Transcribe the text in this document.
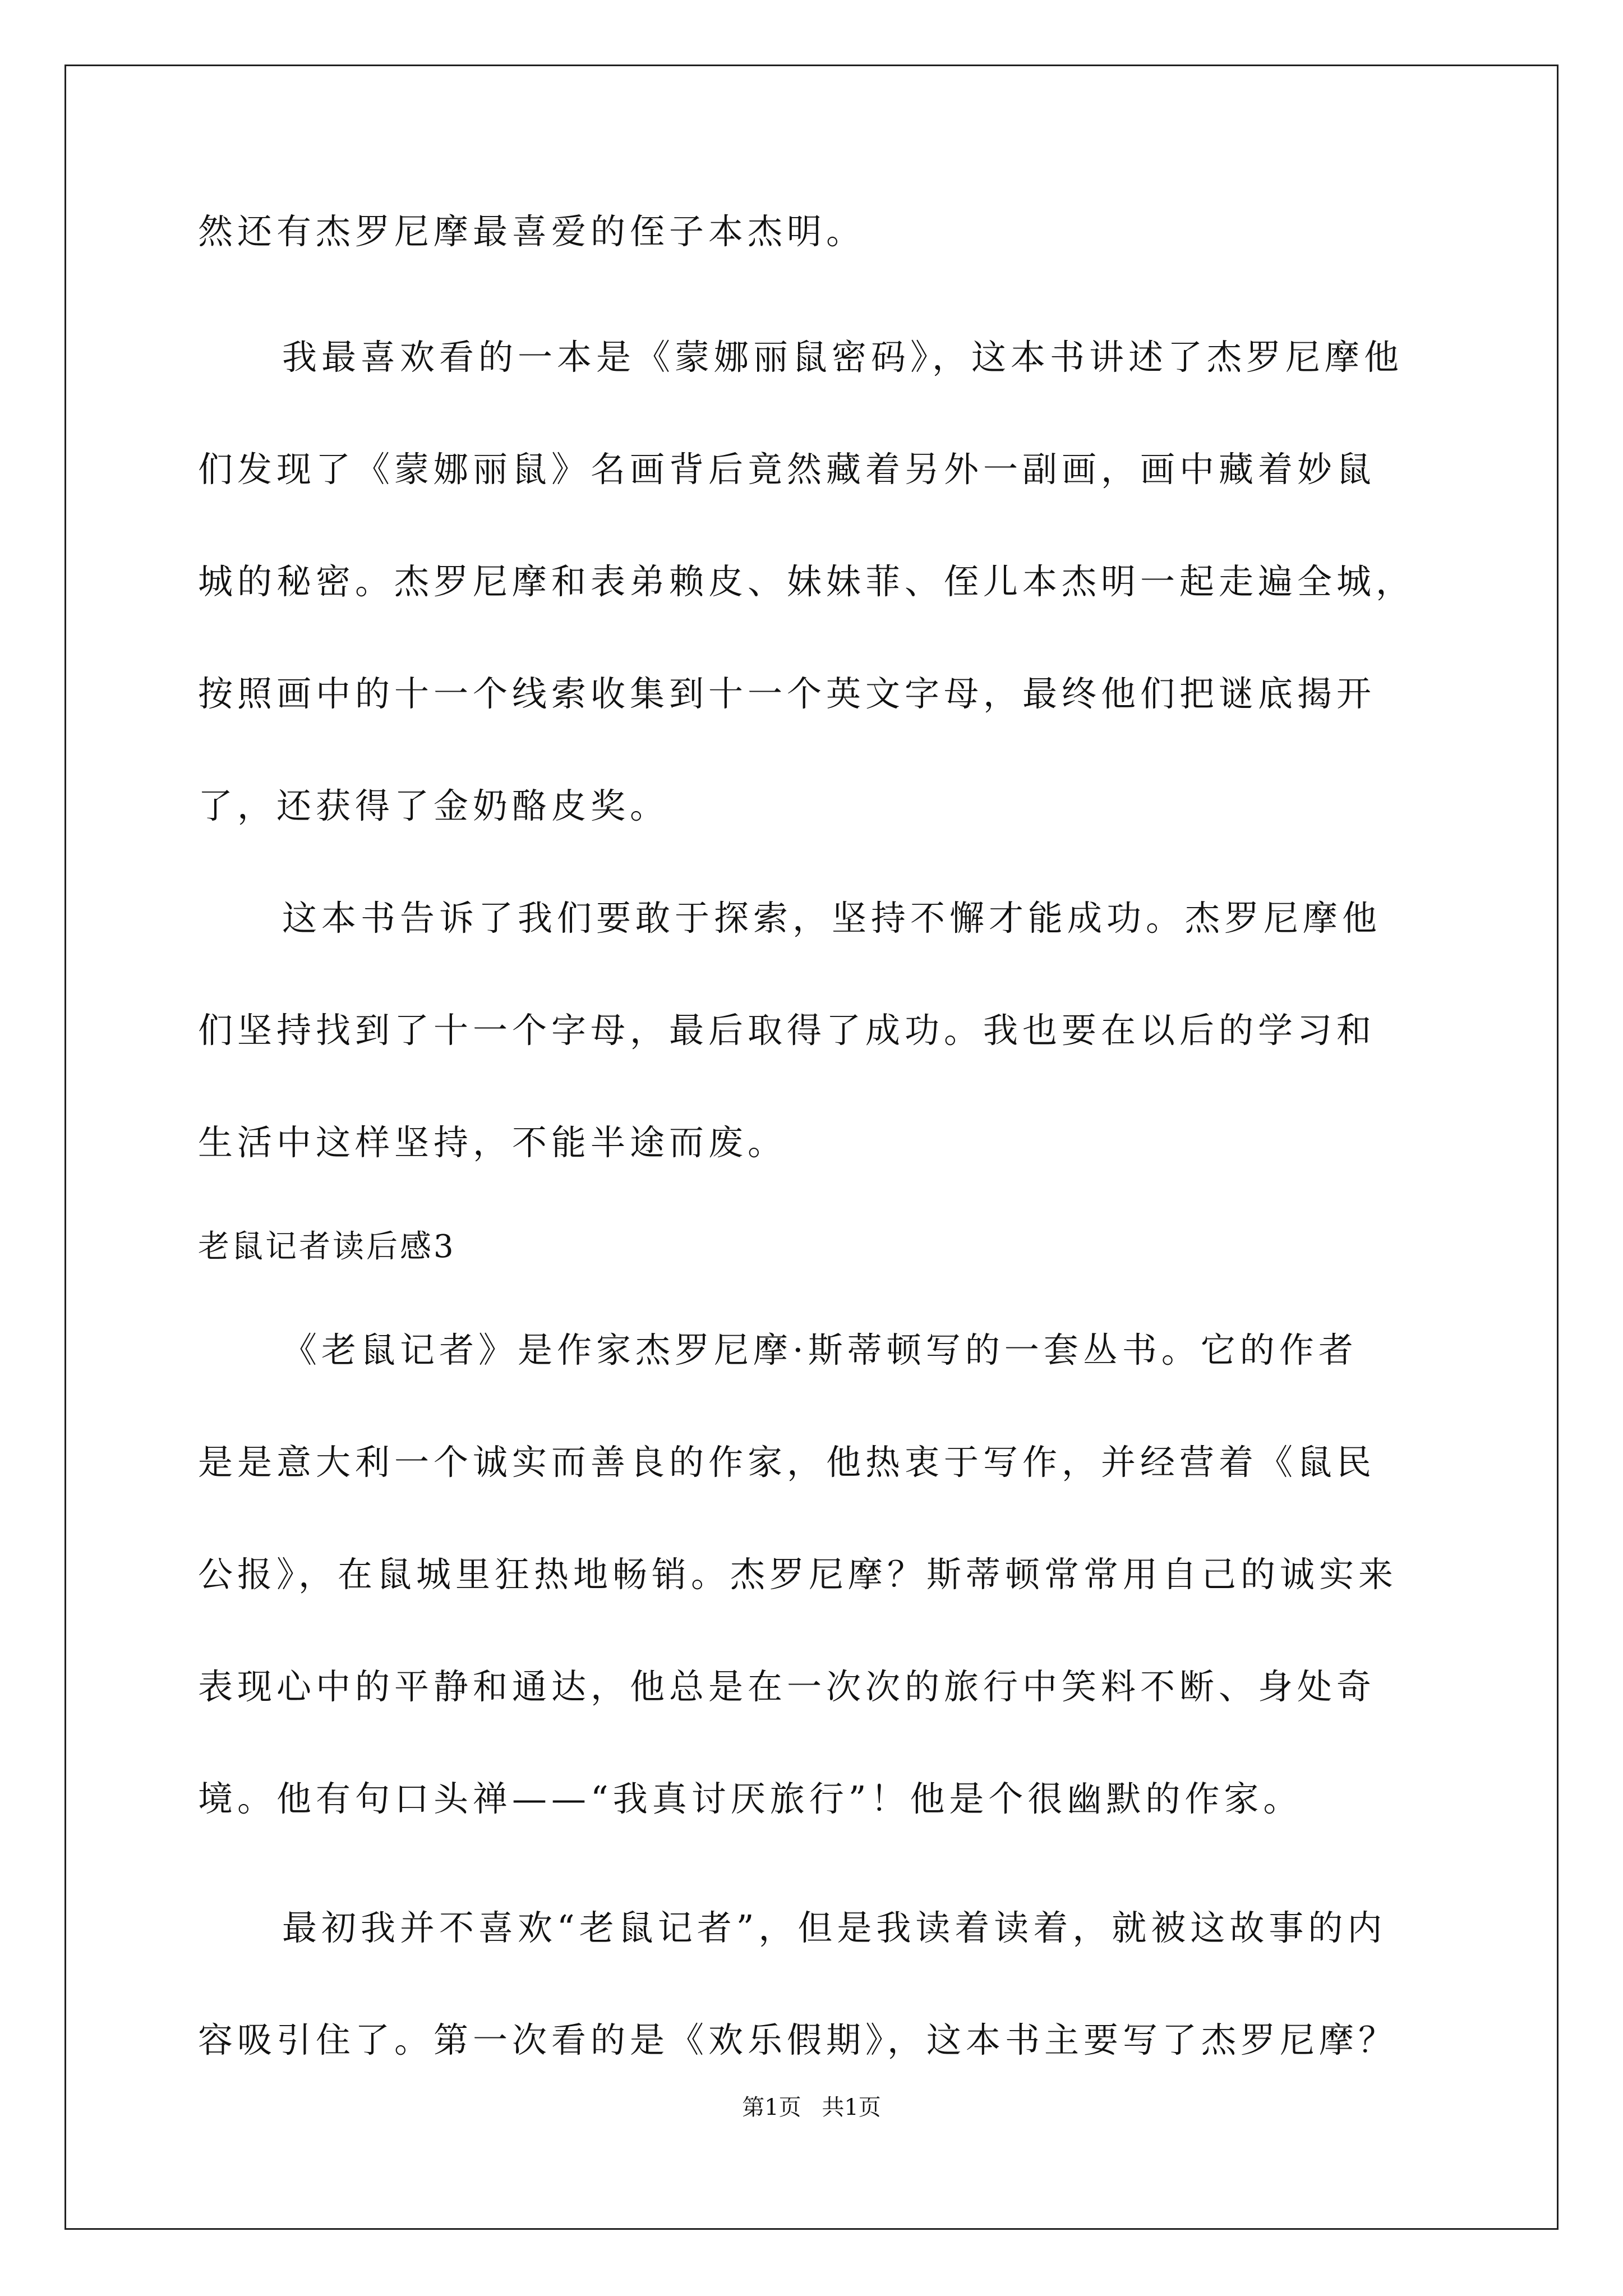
然还有杰罗尼摩最喜爱的侄子本杰明。
我最喜欢看的一本是《蒙娜丽鼠密码》，这本书讲述了杰罗尼摩他
们发现了《蒙娜丽鼠》名画背后竟然藏着另外一副画，画中藏着妙鼠
城的秘密。杰罗尼摩和表弟赖皮、妹妹菲、侄儿本杰明一起走遍全城，
按照画中的十一个线索收集到十一个英文字母，最终他们把谜底揭开
了，还获得了金奶酪皮奖。
这本书告诉了我们要敢于探索，坚持不懈才能成功。杰罗尼摩他
们坚持找到了十一个字母，最后取得了成功。我也要在以后的学习和
生活中这样坚持，不能半途而废。
老鼠记者读后感3
《老鼠记者》是作家杰罗尼摩·斯蒂顿写的一套丛书。它的作者
是是意大利一个诚实而善良的作家，他热衷于写作，并经营着《鼠民
公报》，在鼠城里狂热地畅销。杰罗尼摩？斯蒂顿常常用自己的诚实来
表现心中的平静和通达，他总是在一次次的旅行中笑料不断、身处奇
境。他有句口头禅——“我真讨厌旅行”！他是个很幽默的作家。
最初我并不喜欢“老鼠记者”，但是我读着读着，就被这故事的内
容吸引住了。第一次看的是《欢乐假期》，这本书主要写了杰罗尼摩？
第1页 共1页
